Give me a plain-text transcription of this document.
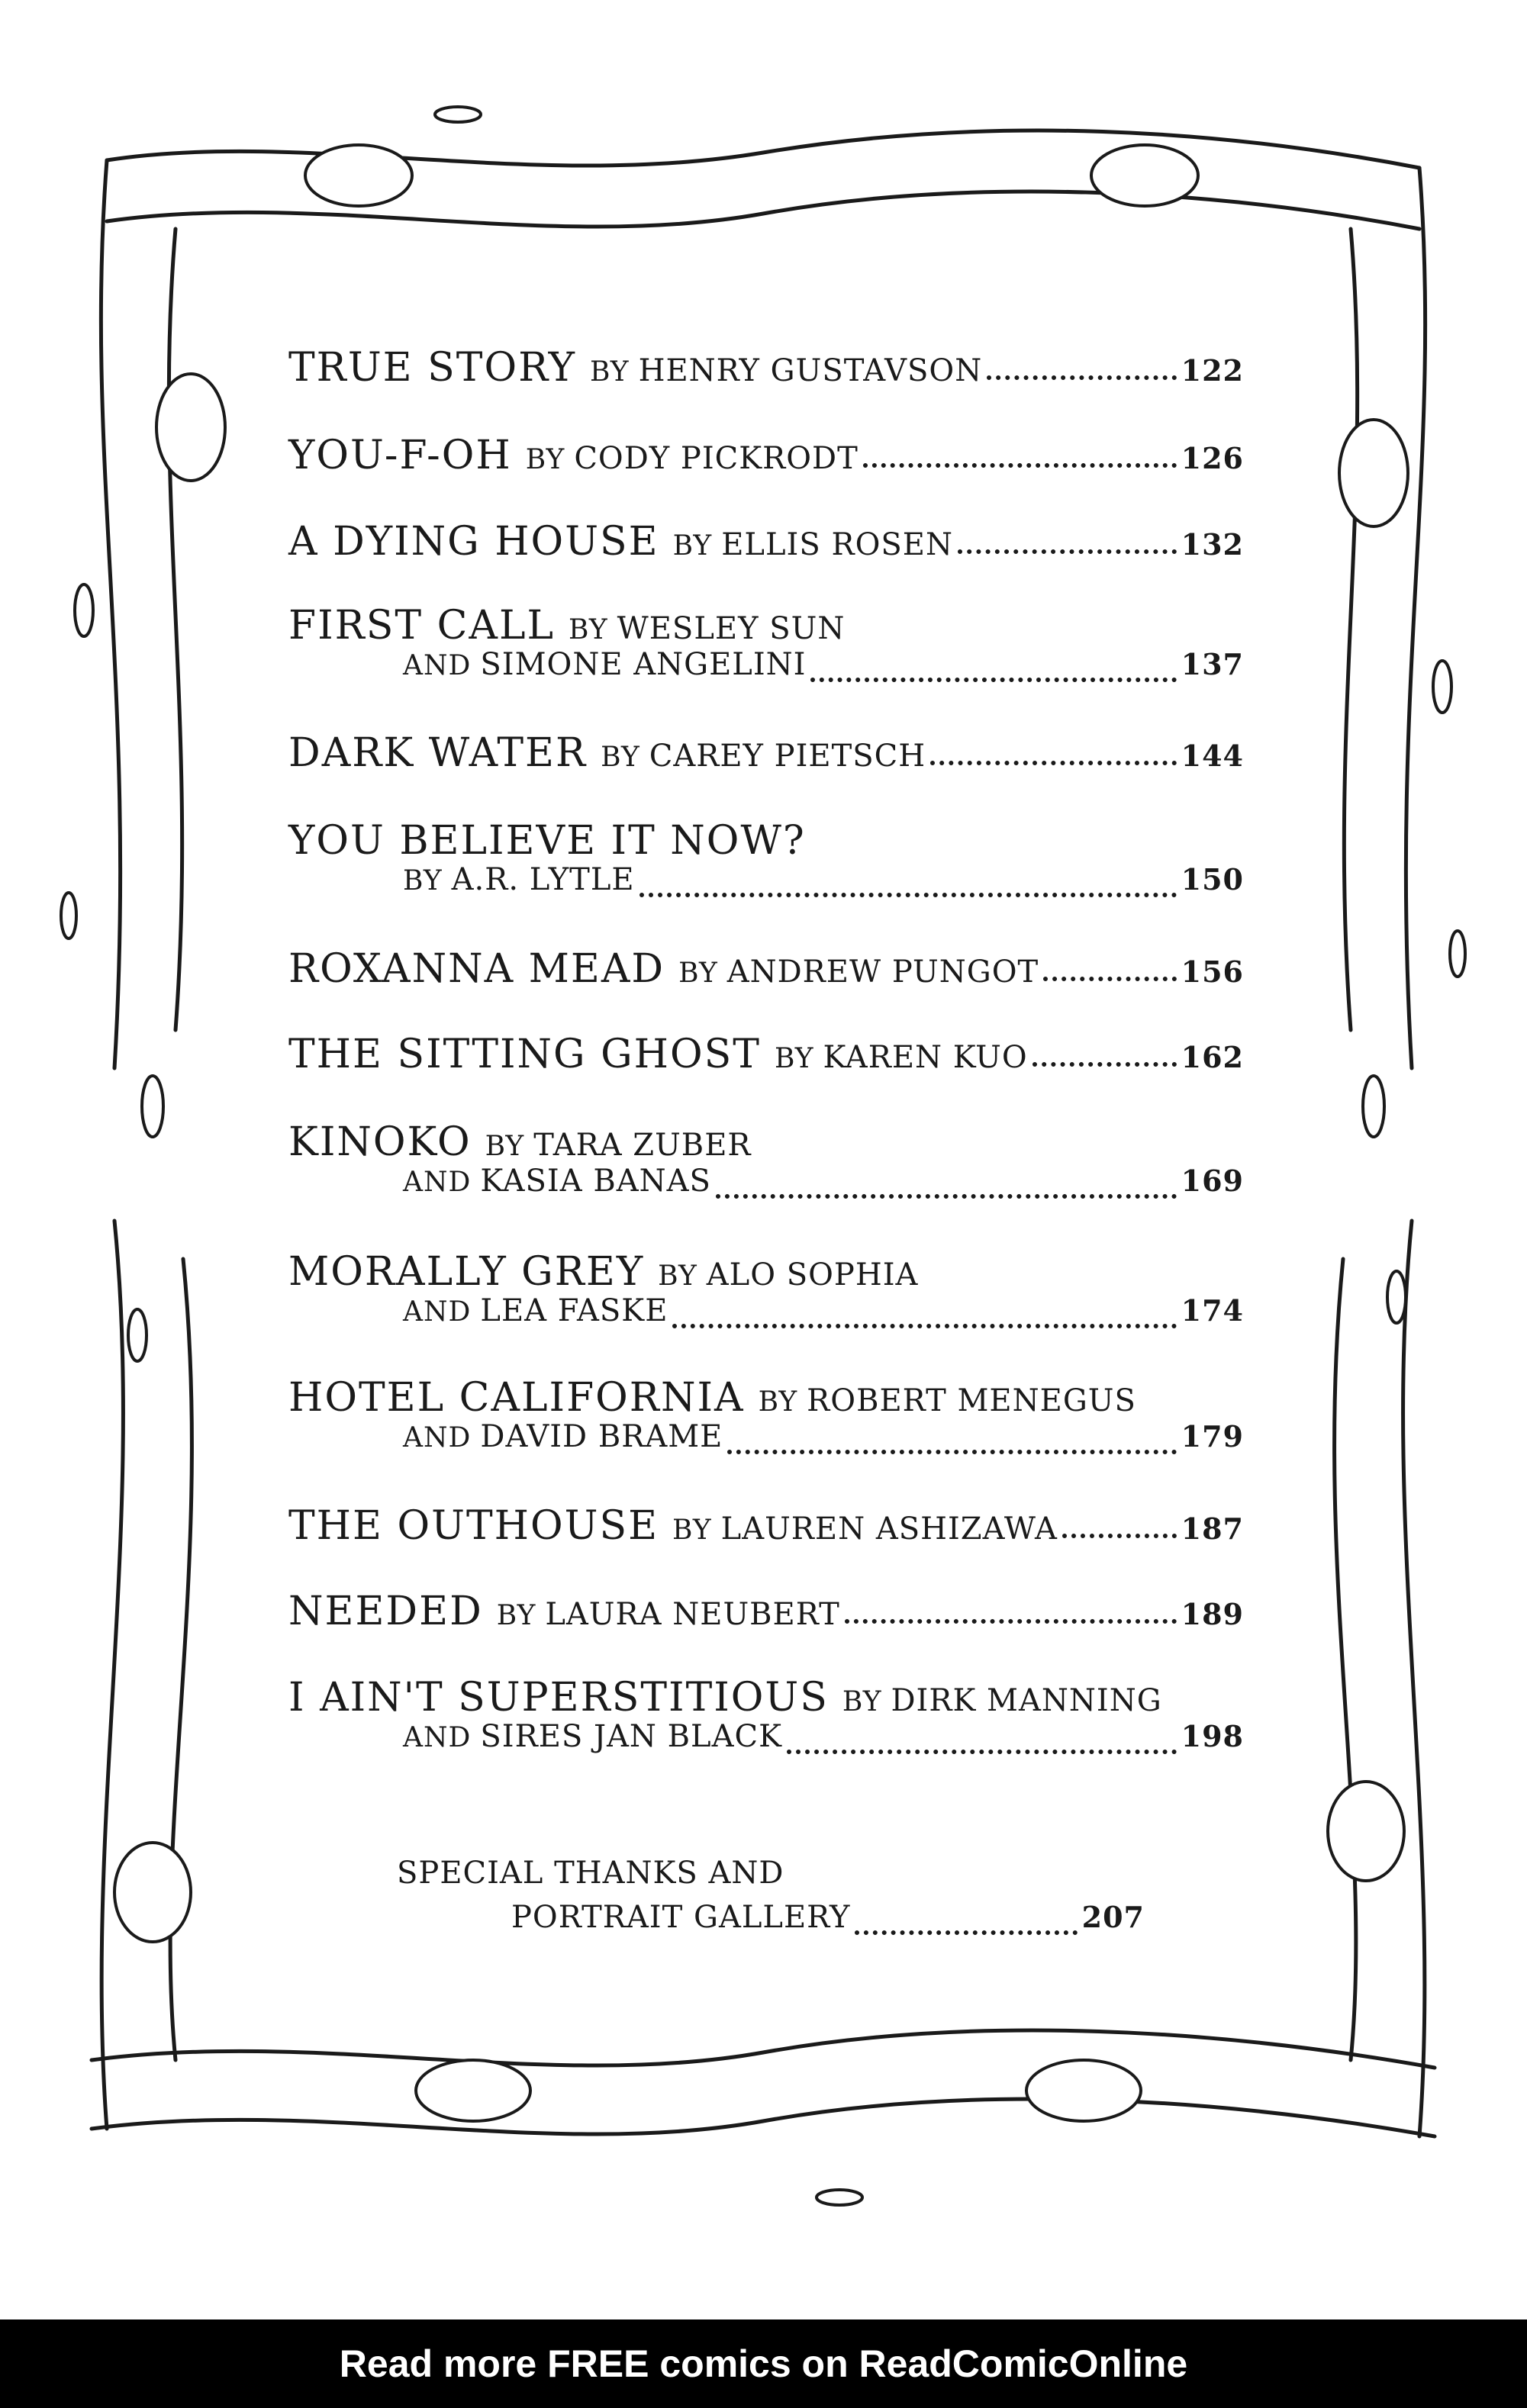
TRUE STORY BY HENRY GUSTAVSON	122
YOU-F-OH BY CODY PICKRODT	126
A DYING HOUSE BY ELLIS ROSEN	132
FIRST CALL BY WESLEY SUN
AND SIMONE ANGELINI	137
DARK WATER BY CAREY PIETSCH	144
YOU BELIEVE IT NOW?
BY A.R. LYTLE	150
ROXANNA MEAD BY ANDREW PUNGOT	156
THE SITTING GHOST BY KAREN KUO	162
KINOKO BY TARA ZUBER
AND KASIA BANAS	169
MORALLY GREY BY ALO SOPHIA
AND LEA FASKE	174
HOTEL CALIFORNIA BY ROBERT MENEGUS
AND DAVID BRAME	179
THE OUTHOUSE BY LAUREN ASHIZAWA	187
NEEDED BY LAURA NEUBERT	189
I AIN'T SUPERSTITIOUS BY DIRK MANNING
AND SIRES JAN BLACK	198
SPECIAL THANKS AND
PORTRAIT GALLERY	207
Read more FREE comics on ReadComicOnline
